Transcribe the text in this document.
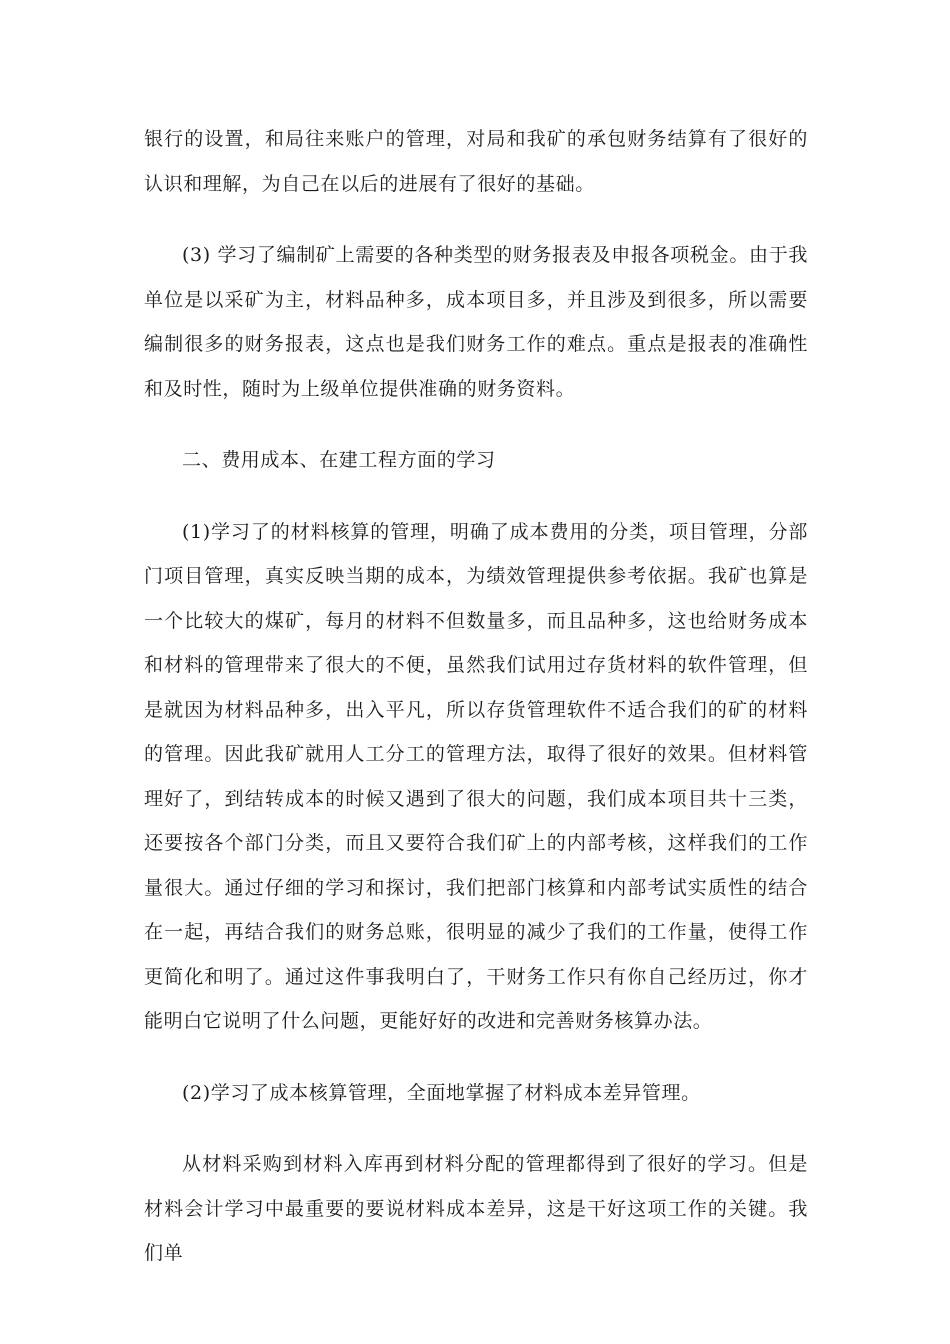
银行的设置，和局往来账户的管理，对局和我矿的承包财务结算有了很好的认识和理解，为自己在以后的进展有了很好的基础。

(3) 学习了编制矿上需要的各种类型的财务报表及申报各项税金。由于我单位是以采矿为主，材料品种多，成本项目多，并且涉及到很多，所以需要编制很多的财务报表，这点也是我们财务工作的难点。重点是报表的准确性和及时性，随时为上级单位提供准确的财务资料。

二、费用成本、在建工程方面的学习

(1)学习了的材料核算的管理，明确了成本费用的分类，项目管理，分部门项目管理，真实反映当期的成本，为绩效管理提供参考依据。我矿也算是一个比较大的煤矿，每月的材料不但数量多，而且品种多，这也给财务成本和材料的管理带来了很大的不便，虽然我们试用过存货材料的软件管理，但是就因为材料品种多，出入平凡，所以存货管理软件不适合我们的矿的材料的管理。因此我矿就用人工分工的管理方法，取得了很好的效果。但材料管理好了，到结转成本的时候又遇到了很大的问题，我们成本项目共十三类，还要按各个部门分类，而且又要符合我们矿上的内部考核，这样我们的工作量很大。通过仔细的学习和探讨，我们把部门核算和内部考试实质性的结合在一起，再结合我们的财务总账，很明显的减少了我们的工作量，使得工作更简化和明了。通过这件事我明白了，干财务工作只有你自己经历过，你才能明白它说明了什么问题，更能好好的改进和完善财务核算办法。

(2)学习了成本核算管理，全面地掌握了材料成本差异管理。

从材料采购到材料入库再到材料分配的管理都得到了很好的学习。但是材料会计学习中最重要的要说材料成本差异，这是干好这项工作的关键。我们单
